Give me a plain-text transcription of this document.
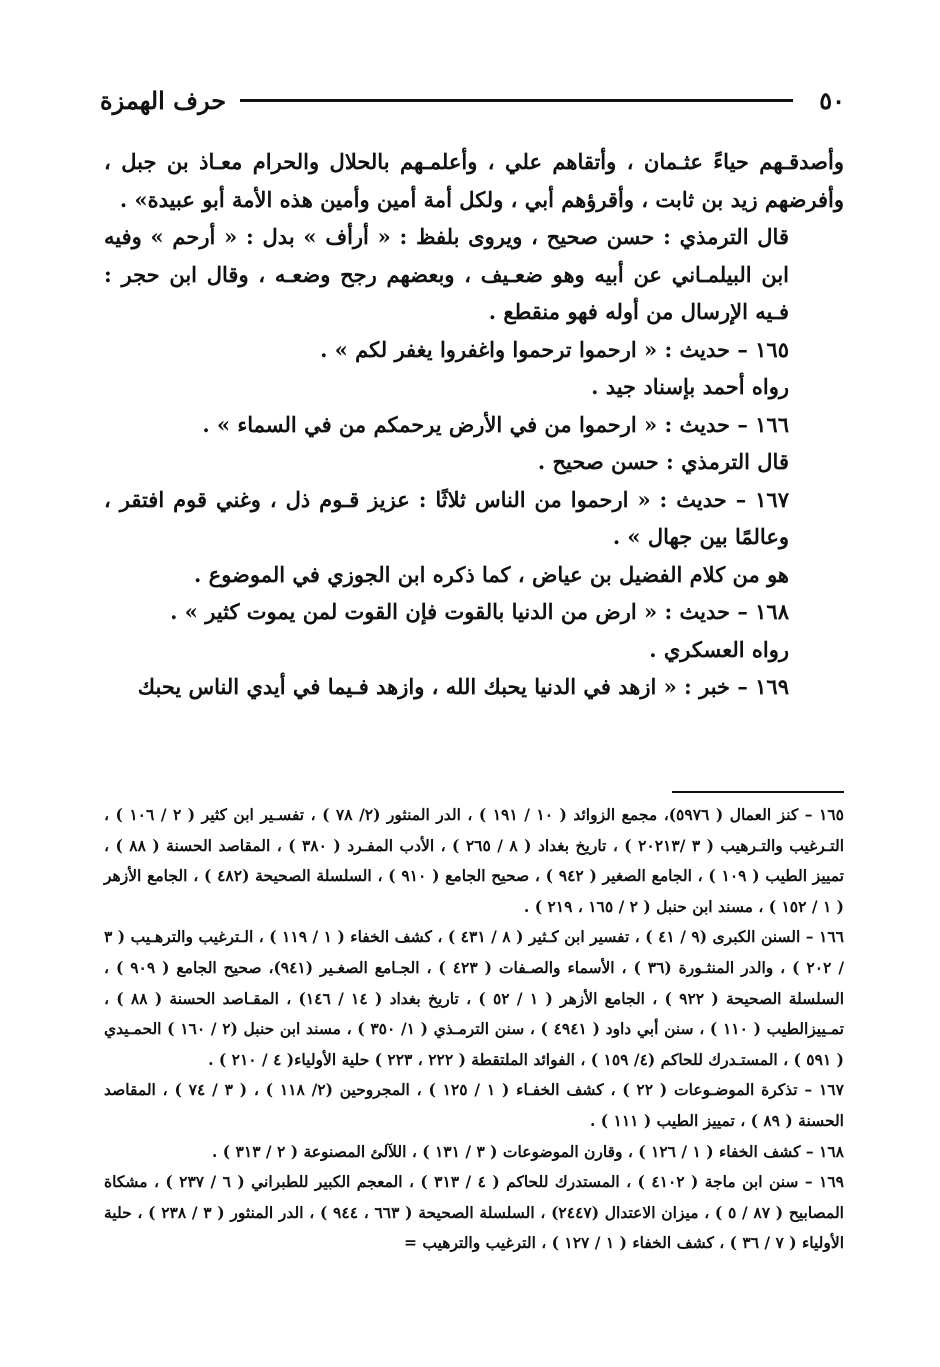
٥٠
حرف الهمزة

وأصدقـهم حياءً عثـمان ، وأتقاهم علي ، وأعلمـهم بالحلال والحرام معـاذ بن جبل ، وأفرضهم زيد بن ثابت ، وأقرؤهم أبي ، ولكل أمة أمين وأمين هذه الأمة أبو عبيدة» .

قال الترمذي : حسن صحيح ، ويروى بلفظ : « أرأف » بدل : « أرحم » وفيه ابن البيلمـاني عن أبيه وهو ضعـيف ، وبعضهم رجح وضعـه ، وقال ابن حجر : فـيه الإرسال من أوله فهو منقطع .

١٦٥ – حديث : « ارحموا ترحموا واغفروا يغفر لكم » .

رواه أحمد بإسناد جيد .

١٦٦ – حديث : « ارحموا من في الأرض يرحمكم من في السماء » .

قال الترمذي : حسن صحيح .

١٦٧ – حديث : « ارحموا من الناس ثلاثًا : عزيز قـوم ذل ، وغني قوم افتقر ، وعالمًا بين جهال » .

هو من كلام الفضيل بن عياض ، كما ذكره ابن الجوزي في الموضوع .

١٦٨ – حديث : « ارض من الدنيا بالقوت فإن القوت لمن يموت كثير » .

رواه العسكري .

١٦٩ – خبر : « ازهد في الدنيا يحبك الله ، وازهد فـيما في أيدي الناس يحبك

١٦٥ – كنز العمال ( ٥٩٧٦)، مجمع الزوائد ( ١٠ / ١٩١ ) ، الدر المنثور (٢/ ٧٨ ) ، تفسـير ابن كثير ( ٢ / ١٠٦ ) ، التـرغيب والتـرهيب ( ٣ /٢٠٢١٣ ) ، تاريخ بغداد ( ٨ / ٢٦٥ ) ، الأدب المفـرد ( ٣٨٠ ) ، المقاصد الحسنة ( ٨٨ ) ، تمييز الطيب ( ١٠٩ ) ، الجامع الصغير ( ٩٤٢ ) ، صحيح الجامع ( ٩١٠ ) ، السلسلة الصحيحة (٤٨٢ ) ، الجامع الأزهر ( ١ / ١٥٢ ) ، مسند ابن حنبل ( ٢ / ١٦٥ ، ٢١٩ ) .

١٦٦ – السنن الكبرى (٩ / ٤١ ) ، تفسير ابن كـثير ( ٨ / ٤٣١ ) ، كشف الخفاء ( ١ / ١١٩ ) ، الـترغيب والترهـيب ( ٣ / ٢٠٢ ) ، والدر المنثـورة (٣٦ ) ، الأسماء والصـفات ( ٤٢٣ ) ، الجـامع الصغـير (٩٤١)، صحيح الجامع ( ٩٠٩ ) ، السلسلة الصحيحة ( ٩٢٢ ) ، الجامع الأزهر ( ١ / ٥٢ ) ، تاريخ بغداد ( ١٤ / ١٤٦) ، المقـاصد الحسنة ( ٨٨ ) ، تمـييزالطيب ( ١١٠ ) ، سنن أبي داود ( ٤٩٤١ ) ، سنن الترمـذي ( ١/ ٣٥٠ ) ، مسند ابن حنبل (٢ / ١٦٠ ) الحمـيدي ( ٥٩١ ) ، المستـدرك للحاكم (٤/ ١٥٩ ) ، الفوائد الملتقطة ( ٢٢٢ ، ٢٢٣ ) حلية الأولياء( ٤ / ٢١٠ ) .

١٦٧ – تذكرة الموضـوعات ( ٢٢ ) ، كشف الخفـاء ( ١ / ١٢٥ ) ، المجروحين (٢/ ١١٨ ) ، ( ٣ / ٧٤ ) ، المقاصد الحسنة ( ٨٩ ) ، تمييز الطيب ( ١١١ ) .

١٦٨ – كشف الخفاء ( ١ / ١٢٦ ) ، وقارن الموضوعات ( ٣ / ١٣١ ) ، اللآلئ المصنوعة ( ٢ / ٣١٣ ) .

١٦٩ – سنن ابن ماجة ( ٤١٠٢ ) ، المستدرك للحاكم ( ٤ / ٣١٣ ) ، المعجم الكبير للطبراني ( ٦ / ٢٣٧ ) ، مشكاة المصابيح ( ٨٧ / ٥ ) ، ميزان الاعتدال (٢٤٤٧) ، السلسلة الصحيحة ( ٦٦٣ ، ٩٤٤ ) ، الدر المنثور ( ٣ / ٢٣٨ ) ، حلية الأولياء ( ٧ / ٣٦ ) ، كشف الخفاء ( ١ / ١٢٧ ) ، الترغيب والترهيب =
